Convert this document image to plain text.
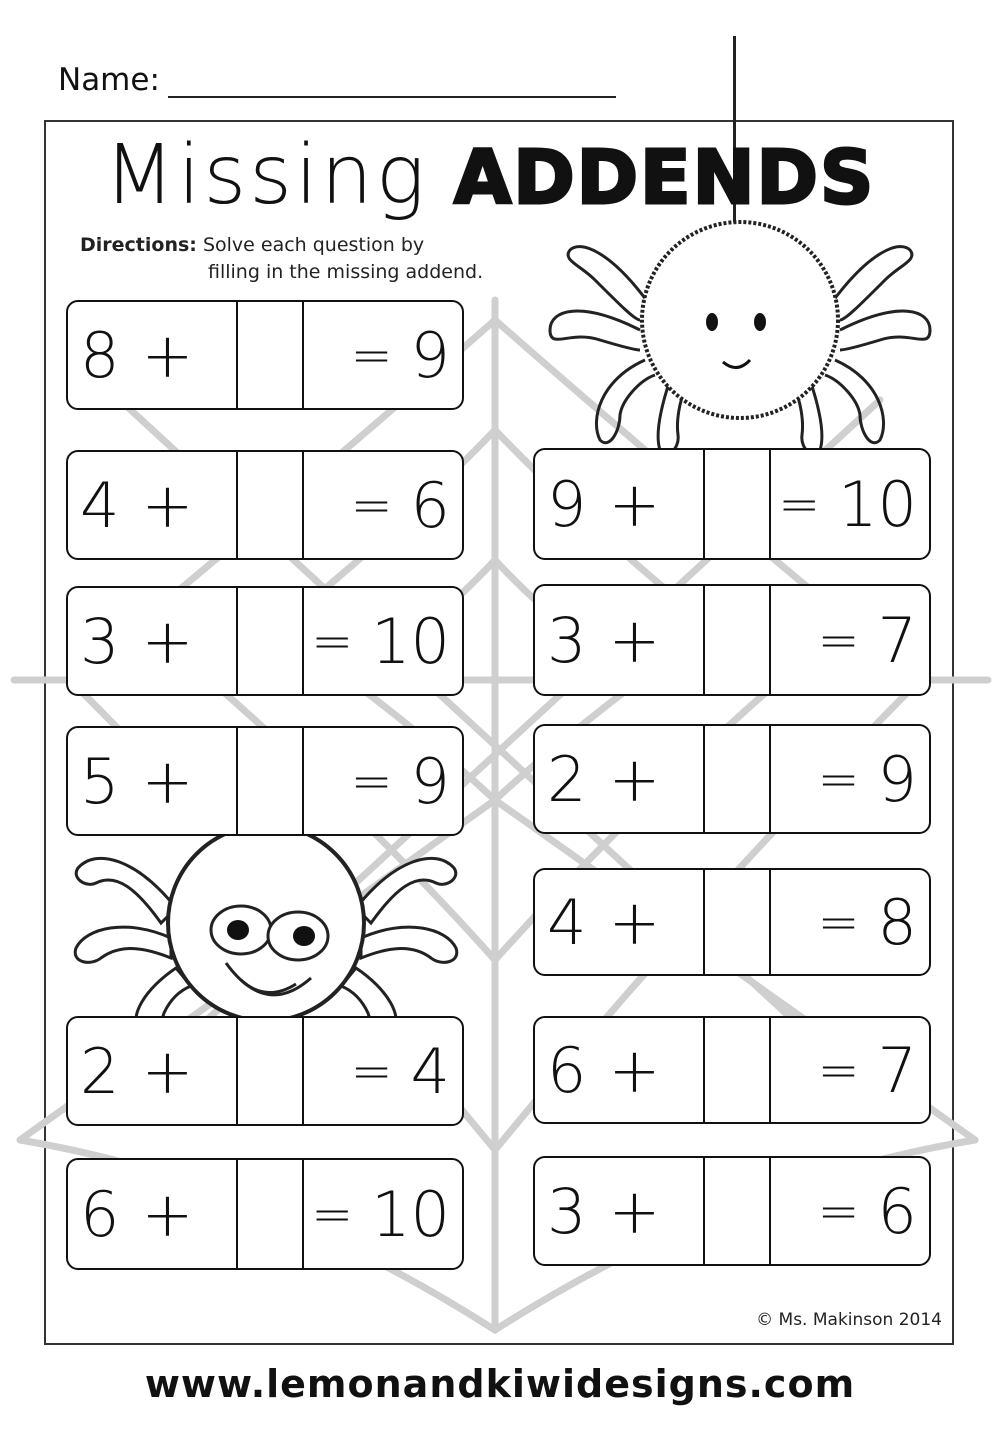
Name:
Missing ADDENDS
Directions: Solve each question by
filling in the missing addend.
8 +	= 9
4 +	= 6
3 + = 10
5 +	= 9
2 +	= 4
6 + = 10
9 + = 10
3 +	= 7
2 +	= 9
4 +	= 8
6 +	= 7
3 +	= 6
© Ms. Makinson 2014
www.lemonandkiwidesigns.com
